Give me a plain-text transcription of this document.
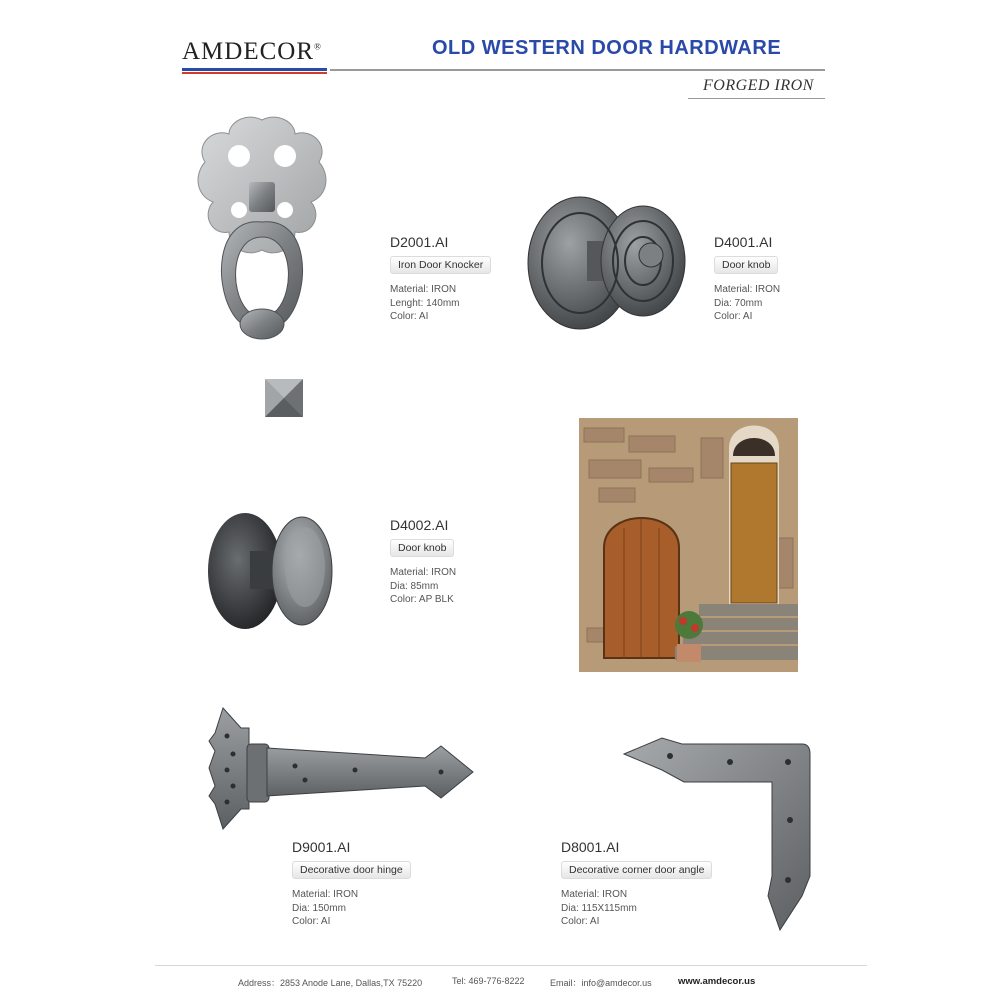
AMDECOR®	OLD WESTERN DOOR HARDWARE
FORGED IRON
D2001.AI
Iron Door Knocker
Material: IRON
Lenght: 140mm
Color: AI
D4001.AI
Door knob
Material: IRON
Dia: 70mm
Color: AI
D4002.AI
Door knob
Material: IRON
Dia: 85mm
Color: AP BLK
D9001.AI
Decorative door hinge
Material: IRON
Dia: 150mm
Color: AI
D8001.AI
Decorative corner door angle
Material: IRON
Dia: 115X115mm
Color: AI
Address：2853 Anode Lane, Dallas,TX 75220	Tel: 469-776-8222	Email：info@amdecor.us	www.amdecor.us
